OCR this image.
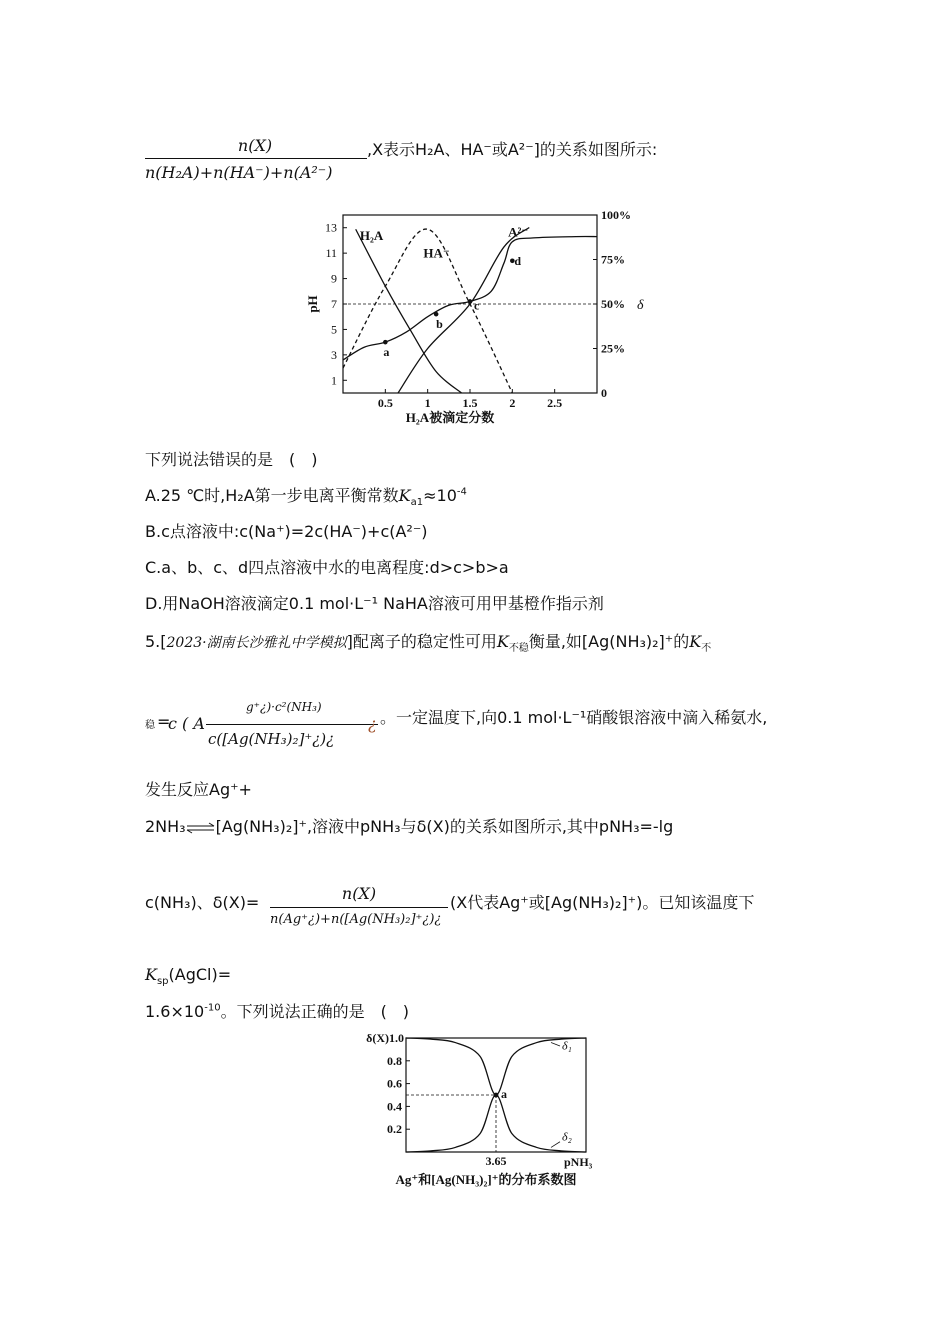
n(X)
n(H₂A)+n(HA⁻)+n(A²⁻)
,X表示H₂A、HA⁻或A²⁻]的关系如图所示:
1
3
5
7
9
11
13
0
25%
50%
75%
100%
0.5	1	1.5	2	2.5
pH	δ
H₂A被滴定分数
H₂A
HA⁻
A²⁻
a
b
c
d
下列说法错误的是　(　)
A.25 ℃时,H₂A第一步电离平衡常数$K_{a1}\approx 10^{-4}$
B.c点溶液中:c(Na⁺)=2c(HA⁻)+c(A²⁻)
C.a、b、c、d四点溶液中水的电离程度:d>c>b>a
D.用NaOH溶液滴定0.1 mol·L⁻¹ NaHA溶液可用甲基橙作指示剂
5.[2023·湖南长沙雅礼中学模拟]配离子的稳定性可用$K_{不稳}$衡量,如[Ag(NH₃)₂]⁺的$K_不$
稳 =
c ( A
g⁺¿)·c²(NH₃)
c([Ag(NH₃)₂]⁺¿)¿
¿ 。一定温度下,向0.1 mol·L⁻¹硝酸银溶液中滴入稀氨水,
发生反应Ag⁺+
2NH₃⇌[Ag(NH₃)₂]⁺,溶液中pNH₃与δ(X)的关系如图所示,其中pNH₃=-lg
c(NH₃)、δ(X)=	n(X)
n(Ag⁺¿)+n([Ag(NH₃)₂]⁺¿)¿
(X代表Ag⁺或[Ag(NH₃)₂]⁺)。已知该温度下
$K_{sp}(AgCl)=$
$1.6\times 10^{-10}$。下列说法正确的是　(　)
0.8
0.6
0.4
0.2
δ(X)1.0
3.65	pNH₃
a
δ₁
δ₂
Ag⁺和[Ag(NH₃)₂]⁺的分布系数图
